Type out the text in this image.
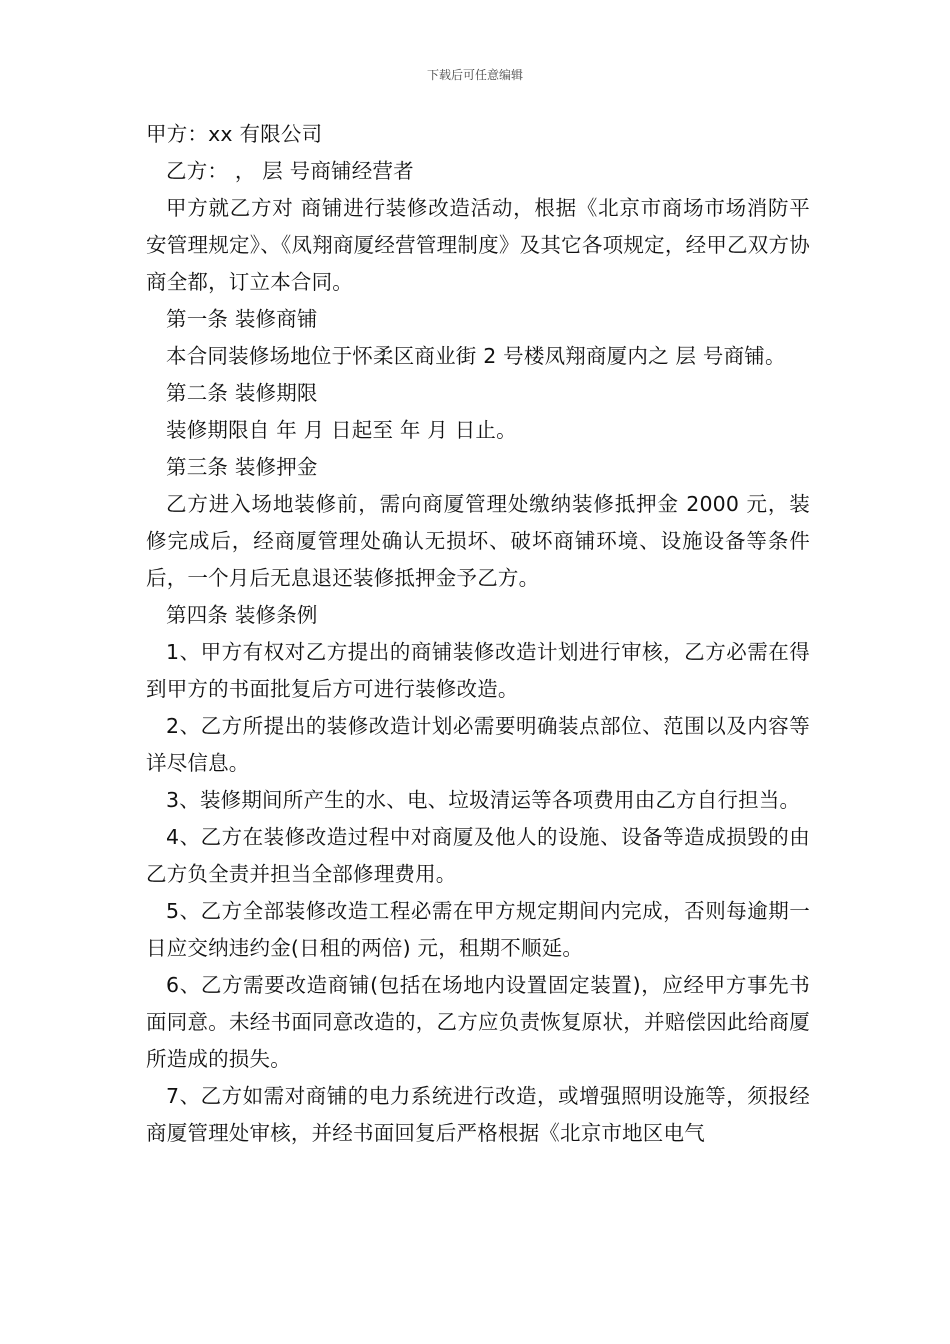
下载后可任意编辑

甲方：xx 有限公司

乙方： ， 层 号商铺经营者

甲方就乙方对 商铺进行装修改造活动，根据《北京市商场市场消防平安管理规定》、《凤翔商厦经营管理制度》及其它各项规定，经甲乙双方协商全都，订立本合同。

第一条 装修商铺

本合同装修场地位于怀柔区商业街 2 号楼凤翔商厦内之 层 号商铺。

第二条 装修期限

装修期限自 年 月 日起至 年 月 日止。

第三条 装修押金

乙方进入场地装修前，需向商厦管理处缴纳装修抵押金 2000 元，装修完成后，经商厦管理处确认无损坏、破坏商铺环境、设施设备等条件后，一个月后无息退还装修抵押金予乙方。

第四条 装修条例

1、甲方有权对乙方提出的商铺装修改造计划进行审核，乙方必需在得到甲方的书面批复后方可进行装修改造。

2、乙方所提出的装修改造计划必需要明确装点部位、范围以及内容等详尽信息。

3、装修期间所产生的水、电、垃圾清运等各项费用由乙方自行担当。

4、乙方在装修改造过程中对商厦及他人的设施、设备等造成损毁的由乙方负全责并担当全部修理费用。

5、乙方全部装修改造工程必需在甲方规定期间内完成，否则每逾期一日应交纳违约金(日租的两倍) 元，租期不顺延。

6、乙方需要改造商铺(包括在场地内设置固定装置)，应经甲方事先书面同意。未经书面同意改造的，乙方应负责恢复原状，并赔偿因此给商厦所造成的损失。

7、乙方如需对商铺的电力系统进行改造，或增强照明设施等，须报经商厦管理处审核，并经书面回复后严格根据《北京市地区电气
